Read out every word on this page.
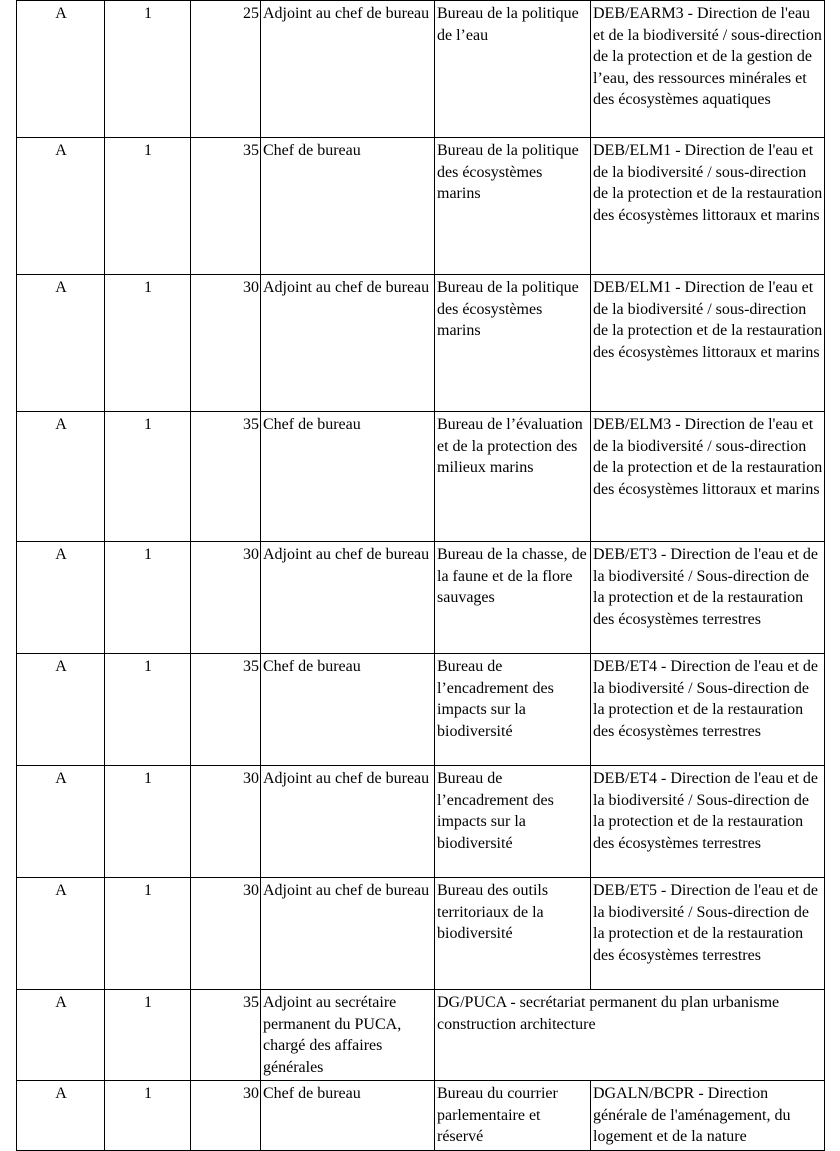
A	1	25	Adjoint au chef de bureau	Bureau de la politique de l’eau	DEB/EARM3 - Direction de l'eau et de la biodiversité / sous-direction de la protection et de la gestion de l’eau, des ressources minérales et des écosystèmes aquatiques
A	1	35	Chef de bureau	Bureau de la politique des écosystèmes marins	DEB/ELM1 - Direction de l'eau et de la biodiversité / sous-direction de la protection et de la restauration des écosystèmes littoraux et marins
A	1	30	Adjoint au chef de bureau	Bureau de la politique des écosystèmes marins	DEB/ELM1 - Direction de l'eau et de la biodiversité / sous-direction de la protection et de la restauration des écosystèmes littoraux et marins
A	1	35	Chef de bureau	Bureau de l’évaluation et de la protection des milieux marins	DEB/ELM3 - Direction de l'eau et de la biodiversité / sous-direction de la protection et de la restauration des écosystèmes littoraux et marins
A	1	30	Adjoint au chef de bureau	Bureau de la chasse, de la faune et de la flore sauvages	DEB/ET3 - Direction de l'eau et de la biodiversité / Sous-direction de la protection et de la restauration des écosystèmes terrestres
A	1	35	Chef de bureau	Bureau de l’encadrement des impacts sur la biodiversité	DEB/ET4 - Direction de l'eau et de la biodiversité / Sous-direction de la protection et de la restauration des écosystèmes terrestres
A	1	30	Adjoint au chef de bureau	Bureau de l’encadrement des impacts sur la biodiversité	DEB/ET4 - Direction de l'eau et de la biodiversité / Sous-direction de la protection et de la restauration des écosystèmes terrestres
A	1	30	Adjoint au chef de bureau	Bureau des outils territoriaux de la biodiversité	DEB/ET5 - Direction de l'eau et de la biodiversité / Sous-direction de la protection et de la restauration des écosystèmes terrestres
A	1	35	Adjoint au secrétaire permanent du PUCA, chargé des affaires générales	DG/PUCA - secrétariat permanent du plan urbanisme construction architecture	
A	1	30	Chef de bureau	Bureau du courrier parlementaire et réservé	DGALN/BCPR - Direction générale de l'aménagement, du logement et de la nature
